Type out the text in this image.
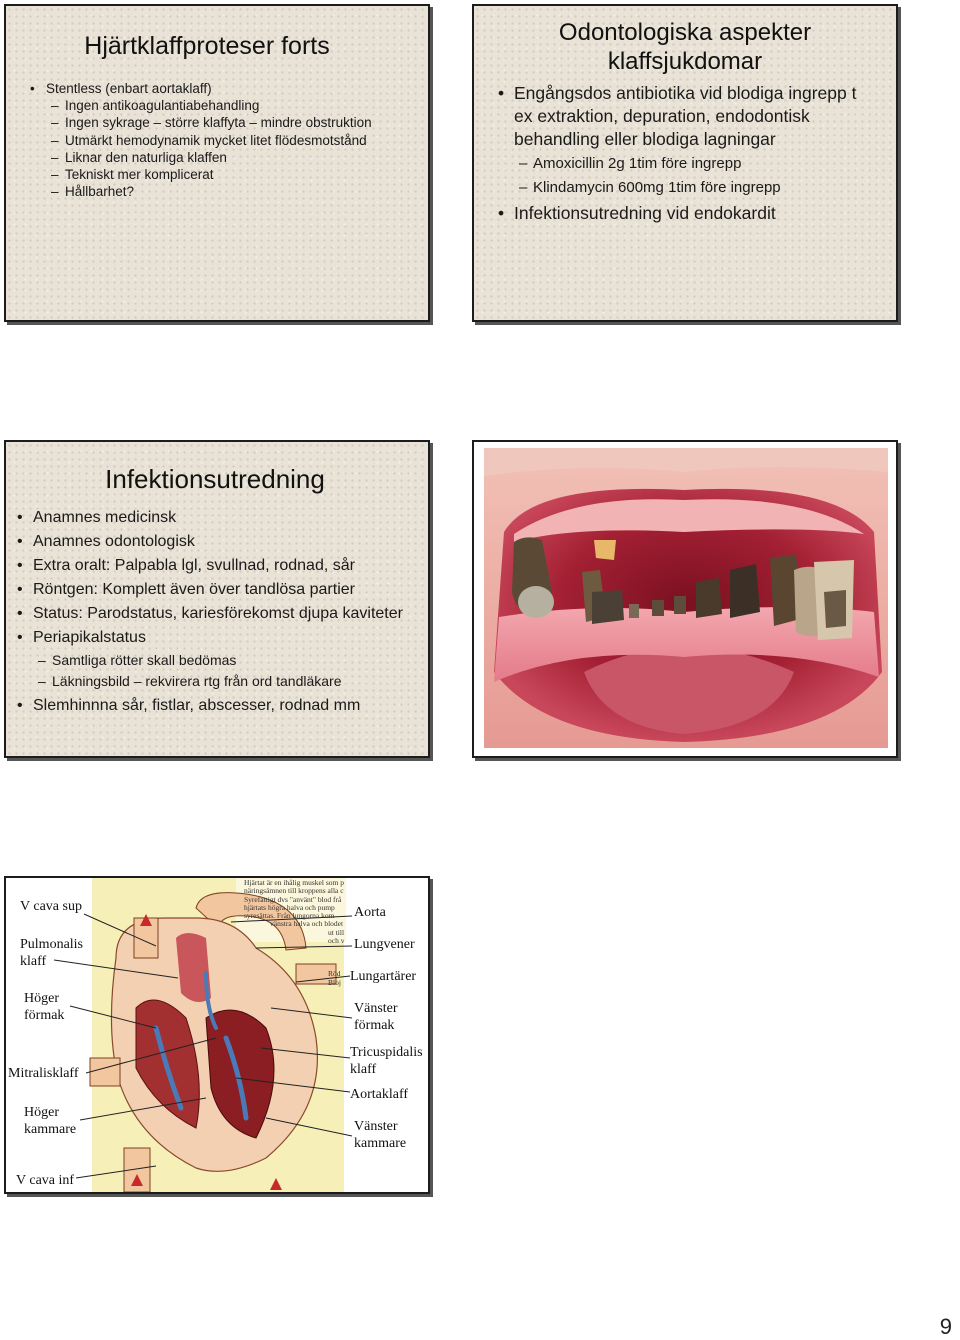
Hjärtklaffproteser forts
• Stentless (enbart aortaklaff)
– Ingen antikoagulantiabehandling
– Ingen sykrage – större klaffyta – mindre obstruktion
– Utmärkt hemodynamik mycket litet flödesmotstånd
– Liknar den naturliga klaffen
– Tekniskt mer komplicerat
– Hållbarhet?
Odontologiska aspekter
klaffsjukdomar
• Engångsdos antibiotika vid blodiga ingrepp t ex extraktion, depuration, endodontisk behandling eller blodiga lagningar
– Amoxicillin 2g 1tim före ingrepp
– Klindamycin 600mg 1tim före ingrepp
• Infektionsutredning vid endokardit
Infektionsutredning
• Anamnes medicinsk
• Anamnes odontologisk
• Extra oralt: Palpabla lgl, svullnad, rodnad, sår
• Röntgen: Komplett även över tandlösa partier
• Status: Parodstatus, kariesförekomst djupa kaviteter
• Periapikalstatus
– Samtliga rötter skall bedömas
– Läkningsbild – rekvirera rtg från ord tandläkare
• Slemhinnna sår, fistlar, abscesser, rodnad mm
Hjärtat är en ihålig muskel som p
näringsämnen till kroppens alla c
Syrefattigt dvs "använt" blod frå
hjärtats högra halva och pump
syresättas. Från lungorna kom
vänstra halva och blodet
ut till
och v
Röd
Bloj
V cava sup
Pulmonalis
klaff
Höger
förmak
Mitralisklaff
Höger
kammare
V cava inf
Aorta
Lungvener
Lungartärer
Vänster
förmak
Tricuspidalis
klaff
Aortaklaff
Vänster
kammare
9
